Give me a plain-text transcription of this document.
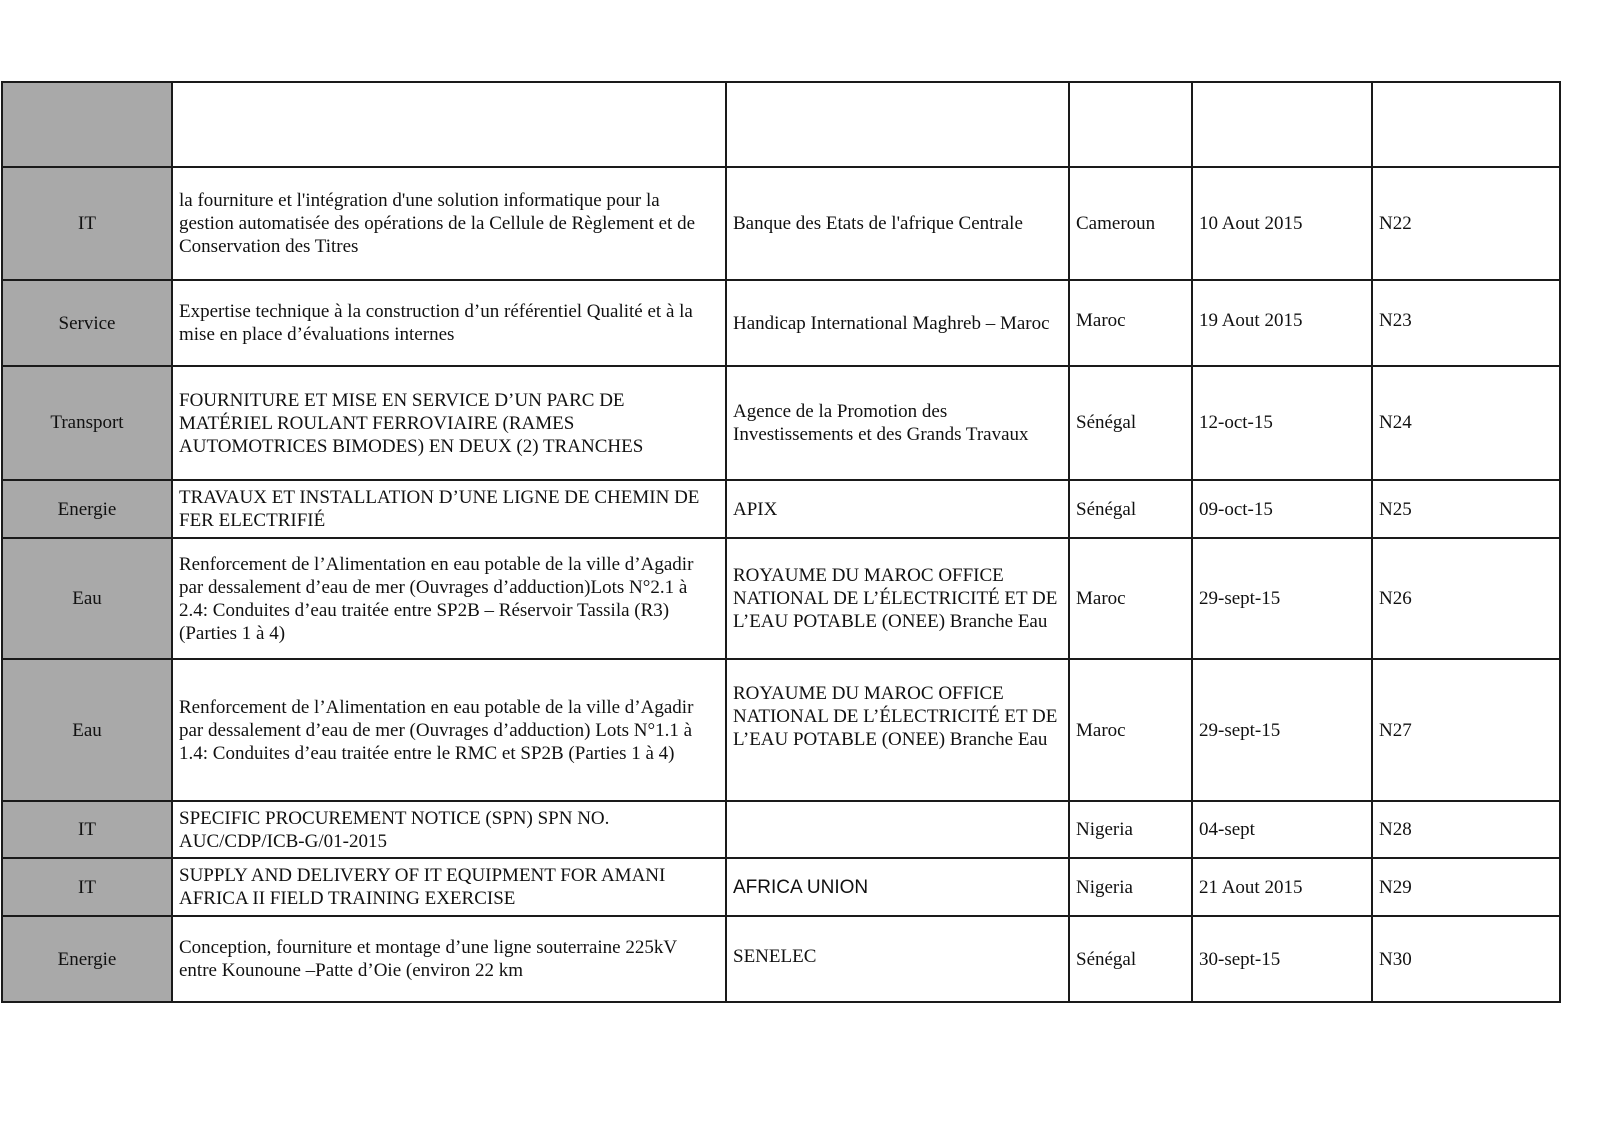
IT	la fourniture et l'intégration d'une solution informatique pour la gestion automatisée des opérations de la Cellule de Règlement et de Conservation des Titres	Banque des Etats de l'afrique Centrale	Cameroun	10 Aout 2015	N22
Service	Expertise technique à la construction d’un référentiel Qualité et à la mise en place d’évaluations internes	Handicap International Maghreb – Maroc	Maroc	19 Aout 2015	N23
Transport	FOURNITURE ET MISE EN SERVICE D’UN PARC DE MATÉRIEL ROULANT FERROVIAIRE (RAMES AUTOMOTRICES BIMODES) EN DEUX (2) TRANCHES	Agence de la Promotion des Investissements et des Grands Travaux	Sénégal	12-oct-15	N24
Energie	TRAVAUX ET INSTALLATION D’UNE LIGNE DE CHEMIN DE FER ELECTRIFIÉ	APIX	Sénégal	09-oct-15	N25
Eau	Renforcement de l’Alimentation en eau potable de la ville d’Agadir par dessalement d’eau de mer (Ouvrages d’adduction)Lots N°2.1 à 2.4: Conduites d’eau traitée entre SP2B – Réservoir Tassila (R3) (Parties 1 à 4)	ROYAUME DU MAROC OFFICE NATIONAL DE L’ÉLECTRICITÉ ET DE L’EAU POTABLE (ONEE) Branche Eau	Maroc	29-sept-15	N26
Eau	Renforcement de l’Alimentation en eau potable de la ville d’Agadir par dessalement d’eau de mer (Ouvrages d’adduction) Lots N°1.1 à 1.4: Conduites d’eau traitée entre le RMC et SP2B (Parties 1 à 4)	ROYAUME DU MAROC OFFICE NATIONAL DE L’ÉLECTRICITÉ ET DE L’EAU POTABLE (ONEE) Branche Eau	Maroc	29-sept-15	N27
IT	SPECIFIC PROCUREMENT NOTICE (SPN) SPN NO. AUC/CDP/ICB-G/01-2015		Nigeria	04-sept	N28
IT	SUPPLY AND DELIVERY OF IT EQUIPMENT FOR AMANI AFRICA II FIELD TRAINING EXERCISE	AFRICA UNION	Nigeria	21 Aout 2015	N29
Energie	Conception, fourniture et montage d’une ligne souterraine 225kV entre Kounoune –Patte d’Oie (environ 22 km	SENELEC	Sénégal	30-sept-15	N30
